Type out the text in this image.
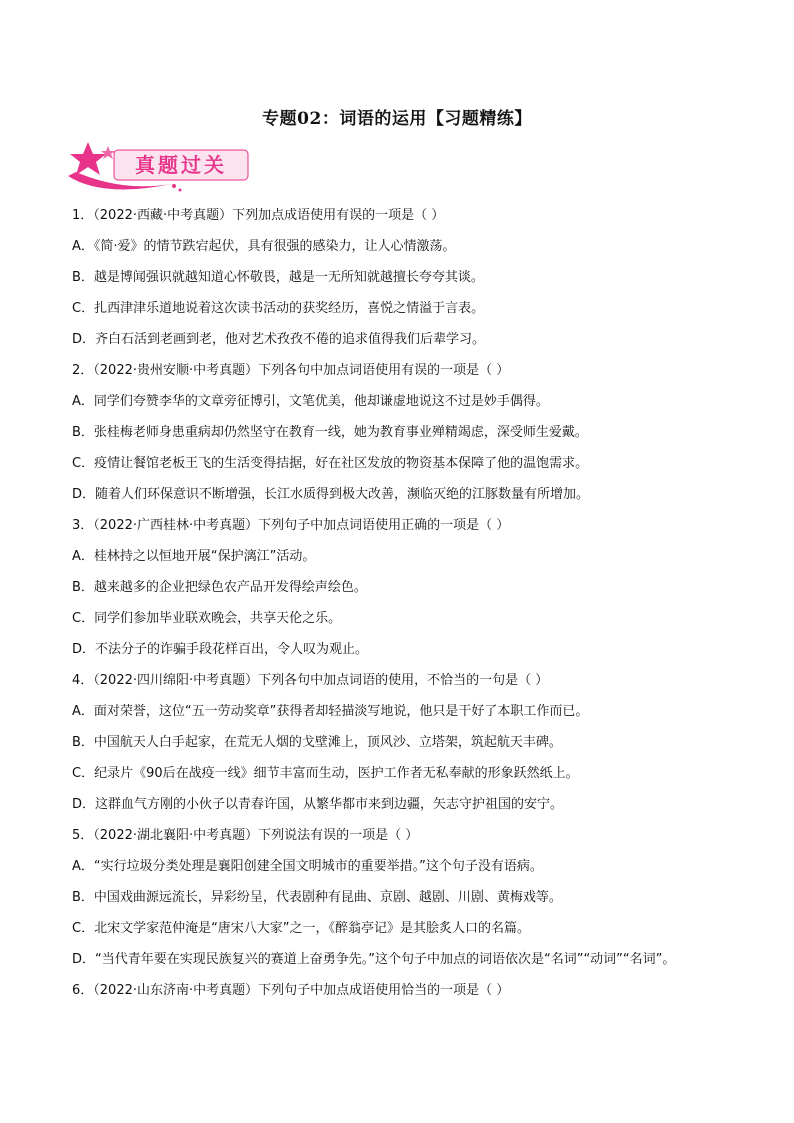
专题02：词语的运用【习题精练】
真题过关
1．（2022·西藏·中考真题）下列加点成语使用有误的一项是（ ）
A．《简·爱》的情节跌宕起伏，具有很强的感染力，让人心情激荡。
B．越是博闻强识就越知道心怀敬畏，越是一无所知就越擅长夸夸其谈。
C．扎西津津乐道地说着这次读书活动的获奖经历，喜悦之情溢于言表。
D．齐白石活到老画到老，他对艺术孜孜不倦的追求值得我们后辈学习。
2．（2022·贵州安顺·中考真题）下列各句中加点词语使用有误的一项是（ ）
A．同学们夸赞李华的文章旁征博引，文笔优美，他却谦虚地说这不过是妙手偶得。
B．张桂梅老师身患重病却仍然坚守在教育一线，她为教育事业殚精竭虑，深受师生爱戴。
C．疫情让餐馆老板王飞的生活变得拮据，好在社区发放的物资基本保障了他的温饱需求。
D．随着人们环保意识不断增强，长江水质得到极大改善，濒临灭绝的江豚数量有所增加。
3．（2022·广西桂林·中考真题）下列句子中加点词语使用正确的一项是（ ）
A．桂林持之以恒地开展“保护漓江”活动。
B．越来越多的企业把绿色农产品开发得绘声绘色。
C．同学们参加毕业联欢晚会，共享天伦之乐。
D．不法分子的诈骗手段花样百出，令人叹为观止。
4．（2022·四川绵阳·中考真题）下列各句中加点词语的使用，不恰当的一句是（ ）
A．面对荣誉，这位“五一劳动奖章”获得者却轻描淡写地说，他只是干好了本职工作而已。
B．中国航天人白手起家，在荒无人烟的戈壁滩上，顶风沙、立塔架，筑起航天丰碑。
C．纪录片《90后在战疫一线》细节丰富而生动，医护工作者无私奉献的形象跃然纸上。
D．这群血气方刚的小伙子以青春许国，从繁华都市来到边疆，矢志守护祖国的安宁。
5．（2022·湖北襄阳·中考真题）下列说法有误的一项是（ ）
A．“实行垃圾分类处理是襄阳创建全国文明城市的重要举措。”这个句子没有语病。
B．中国戏曲源远流长，异彩纷呈，代表剧种有昆曲、京剧、越剧、川剧、黄梅戏等。
C．北宋文学家范仲淹是“唐宋八大家”之一，《醉翁亭记》是其脍炙人口的名篇。
D．“当代青年要在实现民族复兴的赛道上奋勇争先。”这个句子中加点的词语依次是“名词”“动词”“名词”。
6．（2022·山东济南·中考真题）下列句子中加点成语使用恰当的一项是（ ）
